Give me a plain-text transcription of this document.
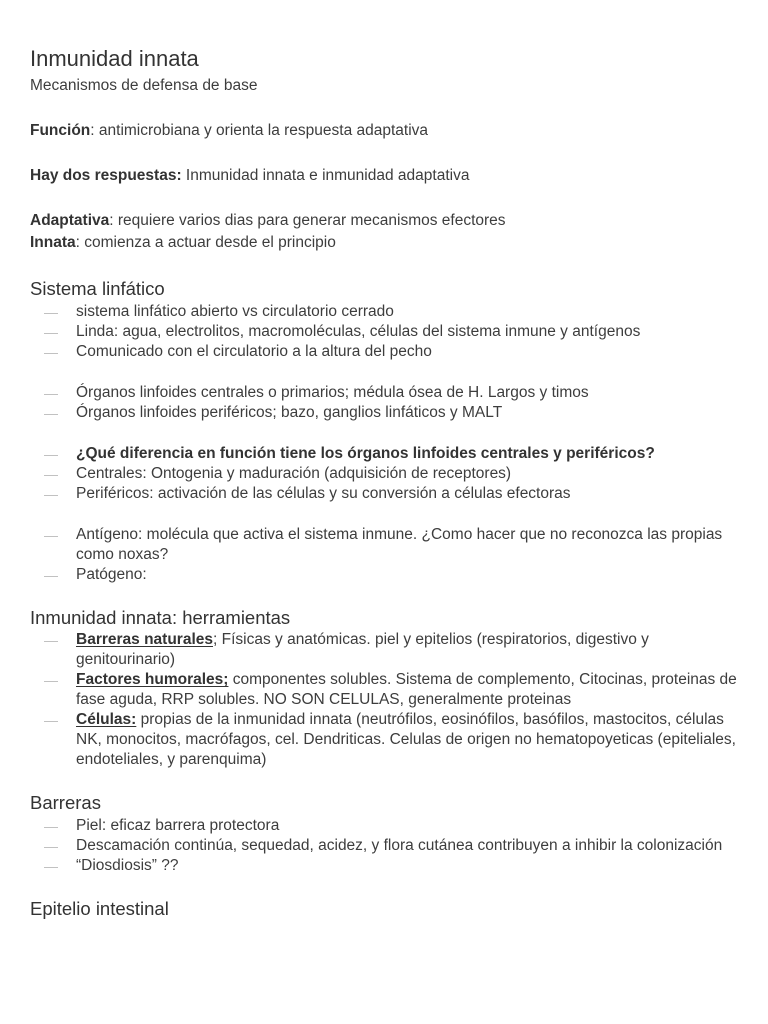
Inmunidad innata

Mecanismos de defensa de base

Función: antimicrobiana y orienta la respuesta adaptativa

Hay dos respuestas: Inmunidad innata e inmunidad adaptativa

Adaptativa: requiere varios dias para generar mecanismos efectores

Innata: comienza a actuar desde el principio

Sistema linfático
— sistema linfático abierto vs circulatorio cerrado
— Linda: agua, electrolitos, macromoléculas, células del sistema inmune y antígenos
— Comunicado con el circulatorio a la altura del pecho
— Órganos linfoides centrales o primarios; médula ósea de H. Largos y timos
— Órganos linfoides periféricos; bazo, ganglios linfáticos y MALT
— ¿Qué diferencia en función tiene los órganos linfoides centrales y periféricos?
— Centrales: Ontogenia y maduración (adquisición de receptores)
— Periféricos: activación de las células y su conversión a células efectoras
— Antígeno: molécula que activa el sistema inmune. ¿Como hacer que no reconozca las propias como noxas?
— Patógeno:
Inmunidad innata: herramientas
— Barreras naturales; Físicas y anatómicas. piel y epitelios (respiratorios, digestivo y genitourinario)
— Factores humorales; componentes solubles. Sistema de complemento, Citocinas, proteinas de fase aguda, RRP solubles. NO SON CELULAS, generalmente proteinas
— Células: propias de la inmunidad innata (neutrófilos, eosinófilos, basófilos, mastocitos, células NK, monocitos, macrófagos, cel. Dendriticas. Celulas de origen no hematopoyeticas (epiteliales, endoteliales, y parenquima)
Barreras
— Piel: eficaz barrera protectora
— Descamación continúa, sequedad, acidez, y flora cutánea contribuyen a inhibir la colonización
— “Diosdiosis” ??
Epitelio intestinal
